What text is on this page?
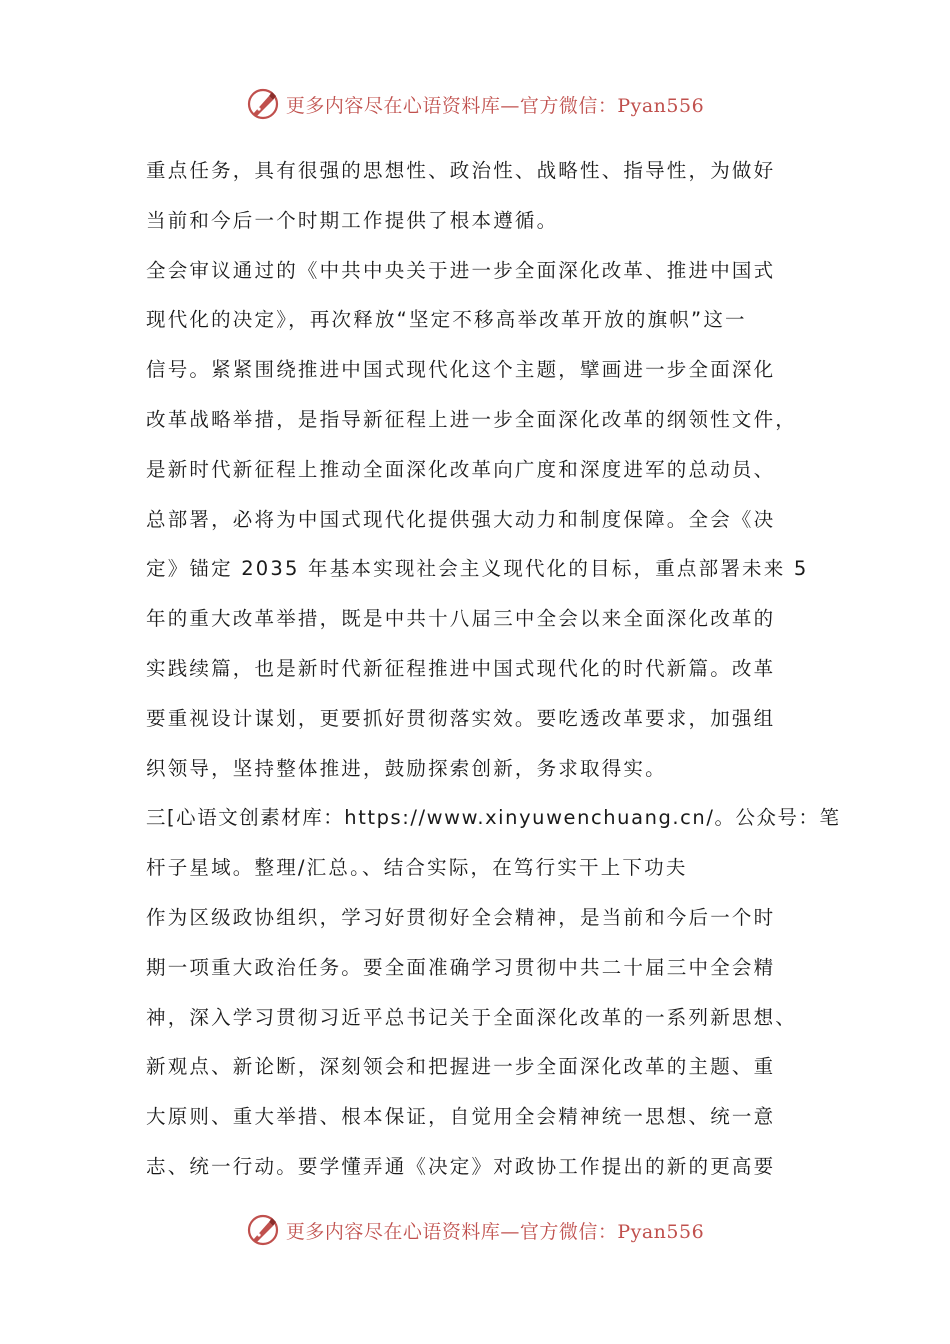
更多内容尽在心语资料库—官方微信：Pyan556
重点任务，具有很强的思想性、政治性、战略性、指导性，为做好
当前和今后一个时期工作提供了根本遵循。
全会审议通过的《中共中央关于进一步全面深化改革、推进中国式
现代化的决定》，再次释放“坚定不移高举改革开放的旗帜”这一
信号。紧紧围绕推进中国式现代化这个主题，擘画进一步全面深化
改革战略举措，是指导新征程上进一步全面深化改革的纲领性文件，
是新时代新征程上推动全面深化改革向广度和深度进军的总动员、
总部署，必将为中国式现代化提供强大动力和制度保障。全会《决
定》锚定 2035 年基本实现社会主义现代化的目标，重点部署未来 5
年的重大改革举措，既是中共十八届三中全会以来全面深化改革的
实践续篇，也是新时代新征程推进中国式现代化的时代新篇。改革
要重视设计谋划，更要抓好贯彻落实效。要吃透改革要求，加强组
织领导，坚持整体推进，鼓励探索创新，务求取得实。
三[心语文创素材库：https://www.xinyuwenchuang.cn/。公众号：笔
杆子星域。整理/汇总。、结合实际，在笃行实干上下功夫
作为区级政协组织，学习好贯彻好全会精神，是当前和今后一个时
期一项重大政治任务。要全面准确学习贯彻中共二十届三中全会精
神，深入学习贯彻习近平总书记关于全面深化改革的一系列新思想、
新观点、新论断，深刻领会和把握进一步全面深化改革的主题、重
大原则、重大举措、根本保证，自觉用全会精神统一思想、统一意
志、统一行动。要学懂弄通《决定》对政协工作提出的新的更高要
更多内容尽在心语资料库—官方微信：Pyan556
